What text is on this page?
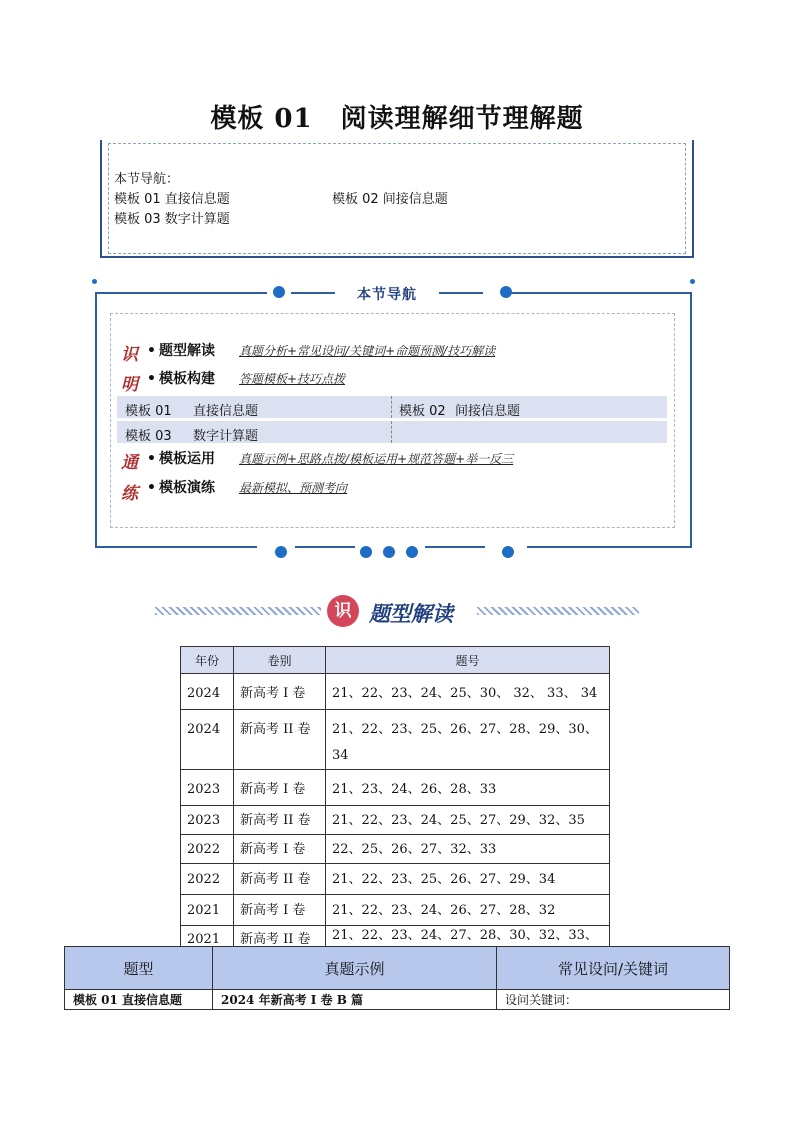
模板 01 阅读理解细节理解题
本节导航：
模板 01 直接信息题	模板 02 间接信息题
模板 03 数字计算题
本节导航
识
明
通
练
• 题型解读 真题分析+常见设问/关键词+命题预测/技巧解读
• 模板构建 答题模板+技巧点拨
模板 01 直接信息题	模板 02 间接信息题
模板 03 数字计算题
• 模板运用 真题示例+思路点拨/模板运用+规范答题+举一反三
• 模板演练 最新模拟、预测考向
识 题型解读
年份	卷别	题号
2024	新高考 I 卷	21、22、23、24、25、30、 32、 33、 34
2024	新高考 II 卷	21、22、23、25、26、27、28、29、30、34
2023	新高考 I 卷	21、23、24、26、28、33
2023	新高考 II 卷	21、22、23、24、25、27、29、32、35
2022	新高考 I 卷	22、25、26、27、32、33
2022	新高考 II 卷	21、22、23、25、26、27、29、34
2021	新高考 I 卷	21、22、23、24、26、27、28、32
2021	新高考 II 卷	21、22、23、24、27、28、30、32、33、
题型	真题示例	常见设问/关键词
模板 01 直接信息题	2024 年新高考 I 卷 B 篇	设问关键词：
